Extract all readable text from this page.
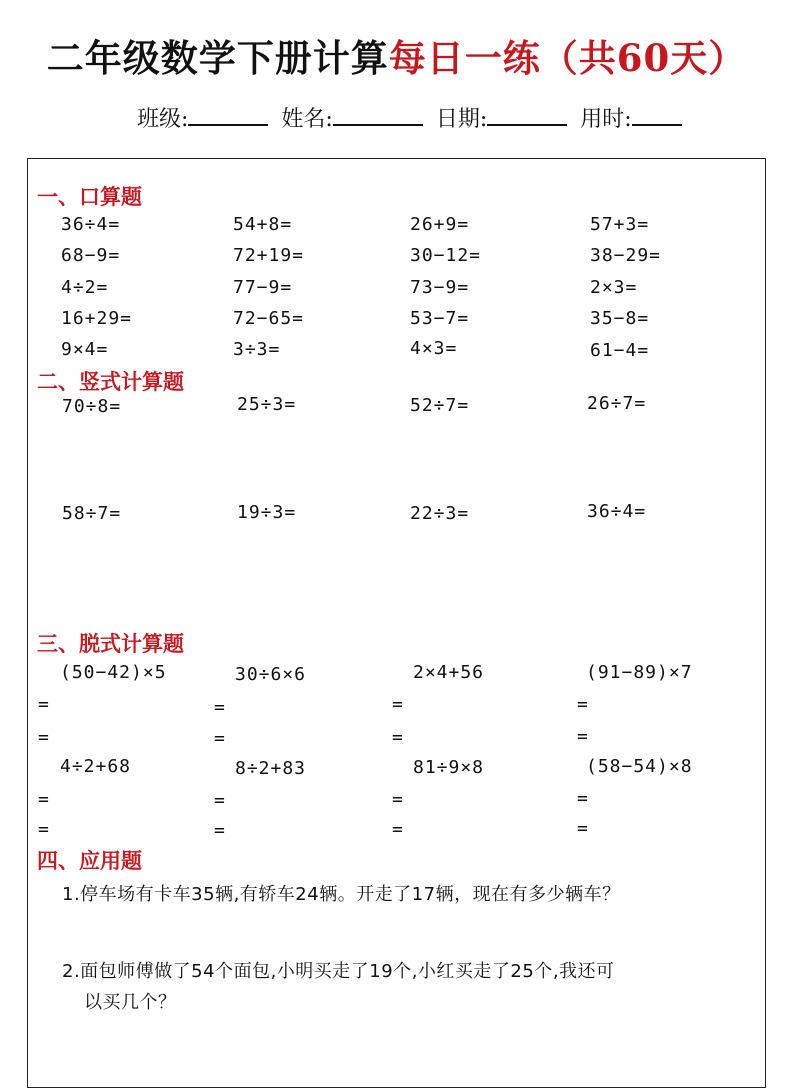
二年级数学下册计算每日一练（共60天）
班级:	姓名:	日期:	用时:
一、口算题
36÷4=	54+8=	26+9=	57+3=
68−9=	72+19=	30−12=	38−29=
4÷2=	77−9=	73−9=	2×3=
16+29=	72−65=	53−7=	35−8=
9×4=	3÷3=	4×3=	61−4=
二、竖式计算题
70÷8=	25÷3=	52÷7=	26÷7=
58÷7=	19÷3=	22÷3=	36÷4=
三、脱式计算题
(50−42)×5
=
=
30÷6×6
=
=
2×4+56
=
=
(91−89)×7
=
=
4÷2+68
=
=
8÷2+83
=
=
81÷9×8
=
=
(58−54)×8
=
=
四、应用题
1.停车场有卡车35辆,有轿车24辆。开走了17辆，现在有多少辆车？
2.面包师傅做了54个面包,小明买走了19个,小红买走了25个,我还可
以买几个？
